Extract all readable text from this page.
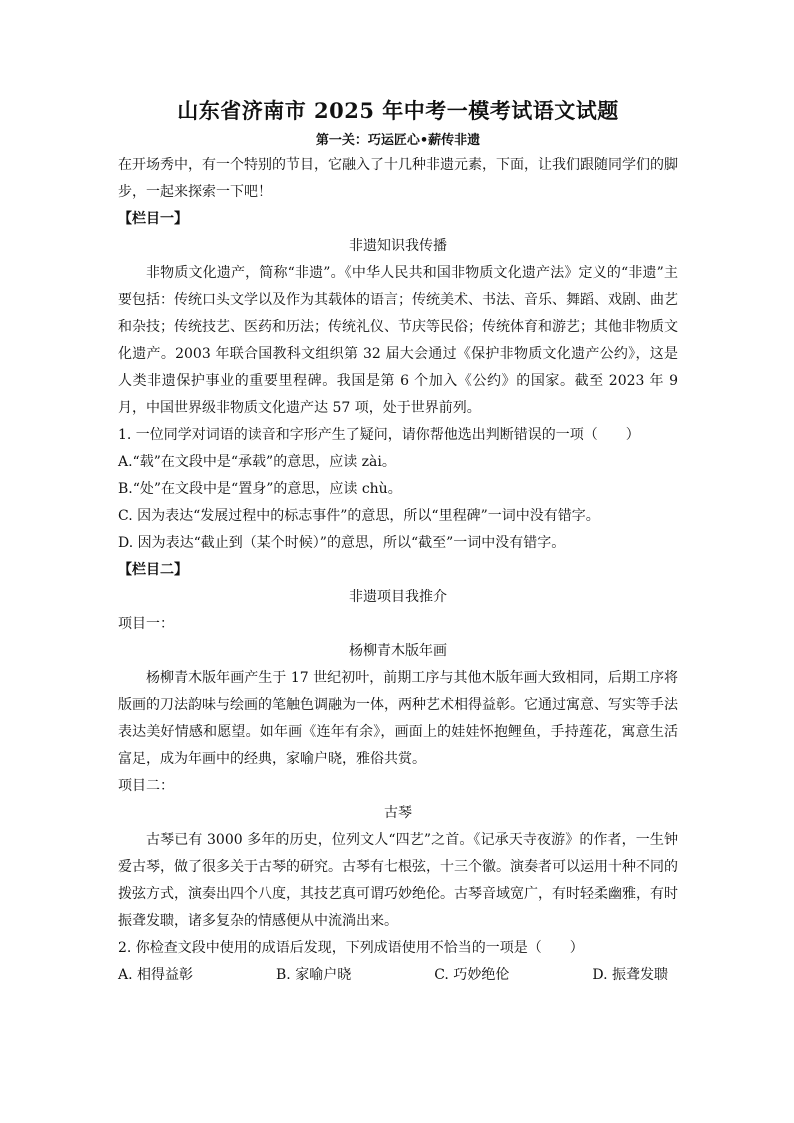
山东省济南市 2025 年中考一模考试语文试题
第一关：巧运匠心•薪传非遗

在开场秀中，有一个特别的节目，它融入了十几种非遗元素，下面，让我们跟随同学们的脚步，一起来探索一下吧！

【栏目一】

非遗知识我传播

非物质文化遗产，简称“非遗”。《中华人民共和国非物质文化遗产法》定义的“非遗”主要包括：传统口头文学以及作为其载体的语言；传统美术、书法、音乐、舞蹈、戏剧、曲艺和杂技；传统技艺、医药和历法；传统礼仪、节庆等民俗；传统体育和游艺；其他非物质文化遗产。2003 年联合国教科文组织第 32 届大会通过《保护非物质文化遗产公约》，这是人类非遗保护事业的重要里程碑。我国是第 6 个加入《公约》的国家。截至 2023 年 9 月，中国世界级非物质文化遗产达 57 项，处于世界前列。

1. 一位同学对词语的读音和字形产生了疑问，请你帮他选出判断错误的一项（　　）

A.“载”在文段中是“承载”的意思，应读 zài。

B.“处”在文段中是“置身”的意思，应读 chù。

C. 因为表达“发展过程中的标志事件”的意思，所以“里程碑”一词中没有错字。

D. 因为表达“截止到（某个时候）”的意思，所以“截至”一词中没有错字。

【栏目二】

非遗项目我推介

项目一：

杨柳青木版年画

杨柳青木版年画产生于 17 世纪初叶，前期工序与其他木版年画大致相同，后期工序将版画的刀法韵味与绘画的笔触色调融为一体，两种艺术相得益彰。它通过寓意、写实等手法表达美好情感和愿望。如年画《连年有余》，画面上的娃娃怀抱鲤鱼，手持莲花，寓意生活富足，成为年画中的经典，家喻户晓，雅俗共赏。

项目二：

古琴

古琴已有 3000 多年的历史，位列文人“四艺”之首。《记承天寺夜游》的作者，一生钟爱古琴，做了很多关于古琴的研究。古琴有七根弦，十三个徽。演奏者可以运用十种不同的拨弦方式，演奏出四个八度，其技艺真可谓巧妙绝伦。古琴音域宽广，有时轻柔幽雅，有时振聋发聩，诸多复杂的情感便从中流淌出来。

2. 你检查文段中使用的成语后发现，下列成语使用不恰当的一项是（　　）

A. 相得益彰	B. 家喻户晓	C. 巧妙绝伦	D. 振聋发聩
